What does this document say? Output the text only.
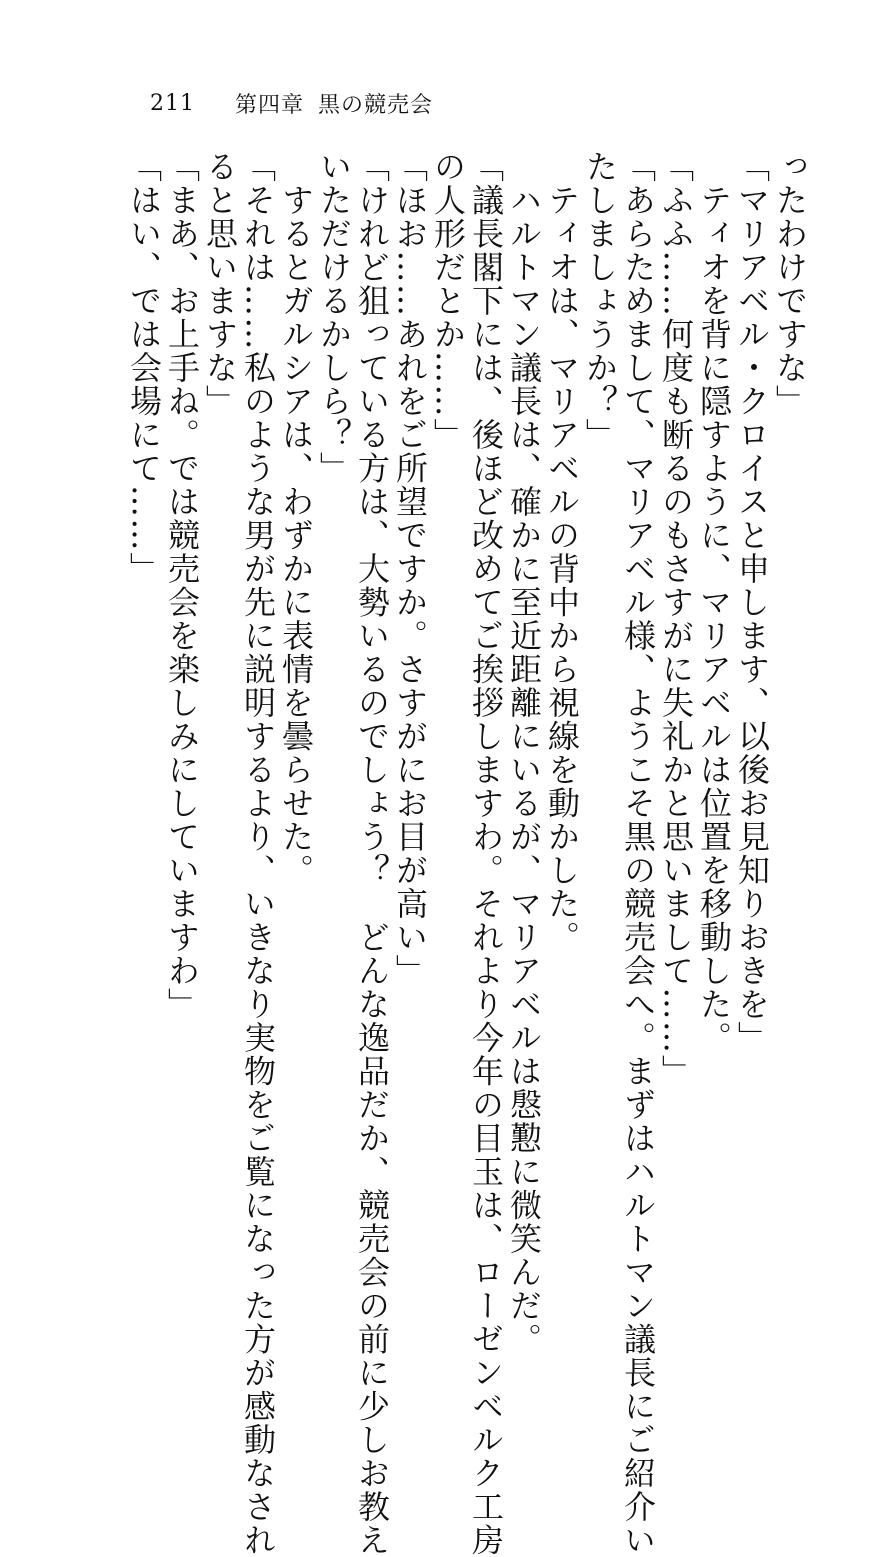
211 第四章 黒の競売会

ったわけですな」

「マリアベル・クロイスと申します、以後お見知りおきを」

　ティオを背に隠すように、マリアベルは位置を移動した。

「ふふ……何度も断るのもさすがに失礼かと思いまして……」

「あらためまして、マリアベル様、ようこそ黒の競売会へ。まずはハルトマン議長にご紹介い

たしましょうか？」

　ティオは、マリアベルの背中から視線を動かした。

　ハルトマン議長は、確かに至近距離にいるが、マリアベルは慇懃に微笑んだ。

「議長閣下には、後ほど改めてご挨拶しますわ。それより今年の目玉は、ローゼンベルク工房

の人形だとか……」

「ほお……あれをご所望ですか。さすがにお目が高い」

「けれど狙っている方は、大勢いるのでしょう？　どんな逸品だか、競売会の前に少しお教え

いただけるかしら？」

　するとガルシアは、わずかに表情を曇らせた。

「それは……私のような男が先に説明するより、いきなり実物をご覧になった方が感動なされ

ると思いますな」

「まあ、お上手ね。では競売会を楽しみにしていますわ」

「はい、では会場にて……」
